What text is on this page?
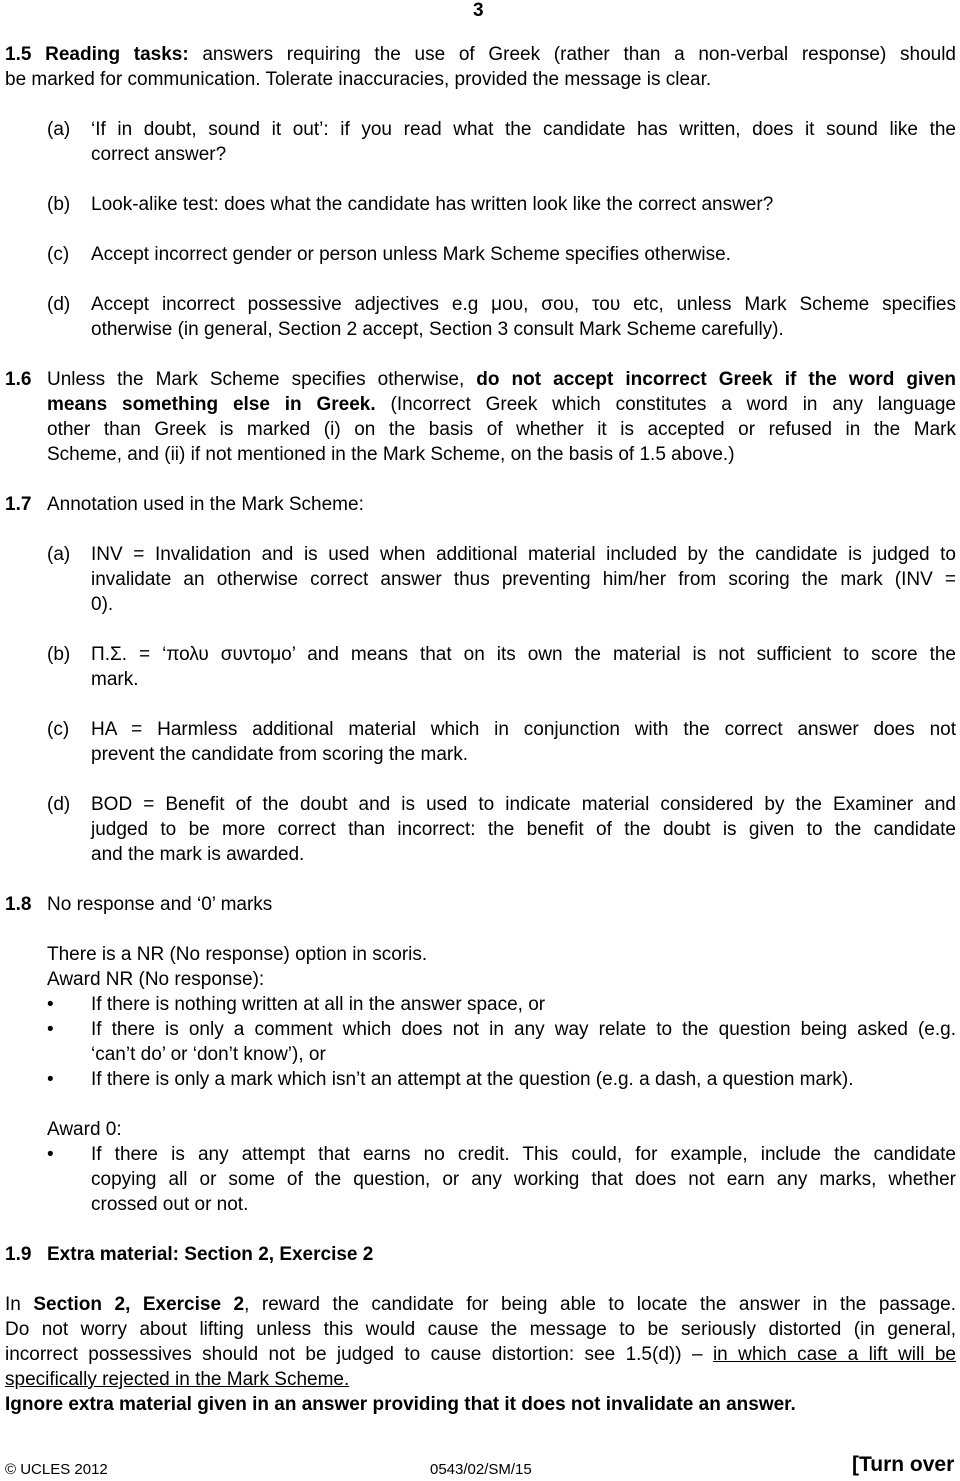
3
1.5 Reading tasks: answers requiring the use of Greek (rather than a non-verbal response) should
be marked for communication. Tolerate inaccuracies, provided the message is clear.
(a) ‘If in doubt, sound it out’: if you read what the candidate has written, does it sound like the
correct answer?
(b) Look-alike test: does what the candidate has written look like the correct answer?
(c) Accept incorrect gender or person unless Mark Scheme specifies otherwise.
(d) Accept incorrect possessive adjectives e.g μου, σου, του etc, unless Mark Scheme specifies
otherwise (in general, Section 2 accept, Section 3 consult Mark Scheme carefully).
1.6 Unless the Mark Scheme specifies otherwise, do not accept incorrect Greek if the word given
means something else in Greek. (Incorrect Greek which constitutes a word in any language
other than Greek is marked (i) on the basis of whether it is accepted or refused in the Mark
Scheme, and (ii) if not mentioned in the Mark Scheme, on the basis of 1.5 above.)
1.7 Annotation used in the Mark Scheme:
(a) INV = Invalidation and is used when additional material included by the candidate is judged to
invalidate an otherwise correct answer thus preventing him/her from scoring the mark (INV =
0).
(b) Π.Σ. = ‘πολυ συντομο’ and means that on its own the material is not sufficient to score the
mark.
(c) HA = Harmless additional material which in conjunction with the correct answer does not
prevent the candidate from scoring the mark.
(d) BOD = Benefit of the doubt and is used to indicate material considered by the Examiner and
judged to be more correct than incorrect: the benefit of the doubt is given to the candidate
and the mark is awarded.
1.8 No response and ‘0’ marks
There is a NR (No response) option in scoris.
Award NR (No response):
• If there is nothing written at all in the answer space, or
• If there is only a comment which does not in any way relate to the question being asked (e.g.
‘can’t do’ or ‘don’t know’), or
• If there is only a mark which isn’t an attempt at the question (e.g. a dash, a question mark).
Award 0:
• If there is any attempt that earns no credit. This could, for example, include the candidate
copying all or some of the question, or any working that does not earn any marks, whether
crossed out or not.
1.9 Extra material: Section 2, Exercise 2
In Section 2, Exercise 2, reward the candidate for being able to locate the answer in the passage.
Do not worry about lifting unless this would cause the message to be seriously distorted (in general,
incorrect possessives should not be judged to cause distortion: see 1.5(d)) – in which case a lift will be
specifically rejected in the Mark Scheme.
Ignore extra material given in an answer providing that it does not invalidate an answer.
© UCLES 2012	0543/02/SM/15	[Turn over
